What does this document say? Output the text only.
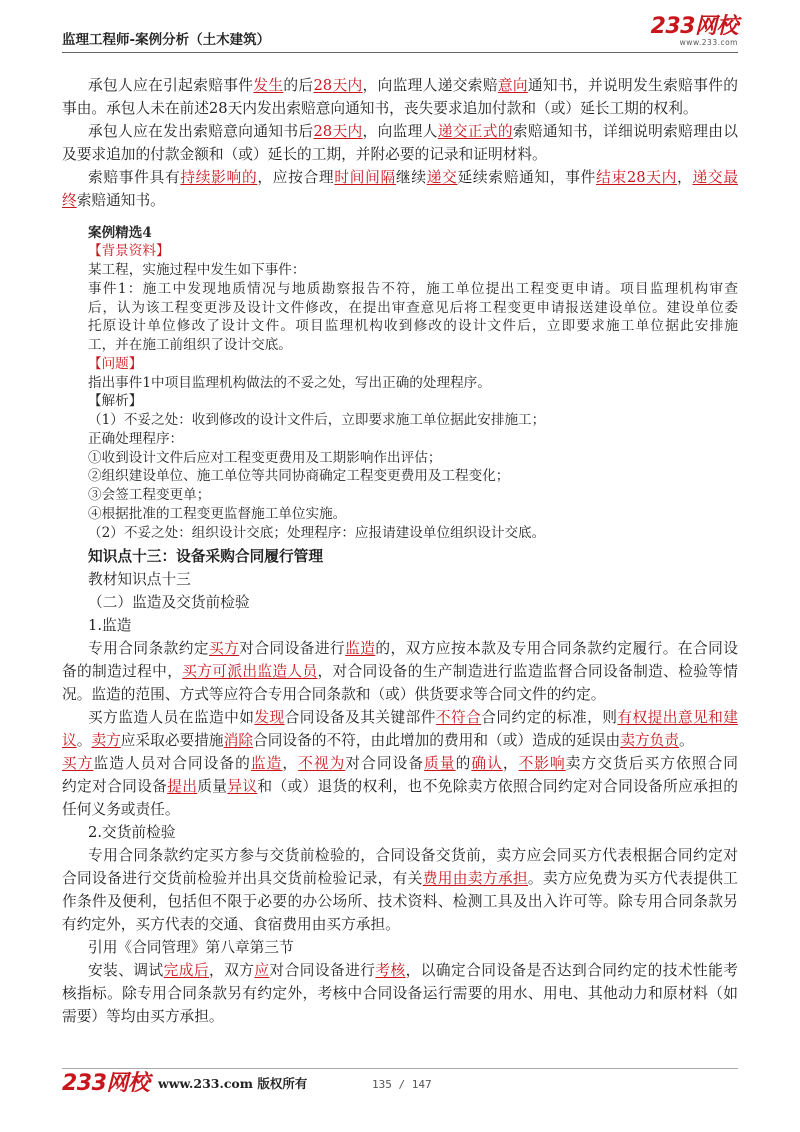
监理工程师-案例分析（土木建筑）
233网校
www.233.com
承包人应在引起索赔事件发生的后28天内，向监理人递交索赔意向通知书，并说明发生索赔事件的
事由。承包人未在前述28天内发出索赔意向通知书，丧失要求追加付款和（或）延长工期的权利。
承包人应在发出索赔意向通知书后28天内，向监理人递交正式的索赔通知书，详细说明索赔理由以
及要求追加的付款金额和（或）延长的工期，并附必要的记录和证明材料。
索赔事件具有持续影响的，应按合理时间间隔继续递交延续索赔通知，事件结束28天内，递交最
终索赔通知书。
案例精选4
【背景资料】
某工程，实施过程中发生如下事件：
事件1：施工中发现地质情况与地质勘察报告不符，施工单位提出工程变更申请。项目监理机构审查
后，认为该工程变更涉及设计文件修改，在提出审查意见后将工程变更申请报送建设单位。建设单位委
托原设计单位修改了设计文件。项目监理机构收到修改的设计文件后，立即要求施工单位据此安排施
工，并在施工前组织了设计交底。
【问题】
指出事件1中项目监理机构做法的不妥之处，写出正确的处理程序。
【解析】
（1）不妥之处：收到修改的设计文件后，立即要求施工单位据此安排施工；
正确处理程序：
①收到设计文件后应对工程变更费用及工期影响作出评估；
②组织建设单位、施工单位等共同协商确定工程变更费用及工程变化；
③会签工程变更单；
④根据批准的工程变更监督施工单位实施。
（2）不妥之处：组织设计交底；处理程序：应报请建设单位组织设计交底。
知识点十三：设备采购合同履行管理
教材知识点十三
（二）监造及交货前检验
1.监造
专用合同条款约定买方对合同设备进行监造的，双方应按本款及专用合同条款约定履行。在合同设
备的制造过程中，买方可派出监造人员，对合同设备的生产制造进行监造监督合同设备制造、检验等情
况。监造的范围、方式等应符合专用合同条款和（或）供货要求等合同文件的约定。
买方监造人员在监造中如发现合同设备及其关键部件不符合合同约定的标准，则有权提出意见和建
议。卖方应采取必要措施消除合同设备的不符，由此增加的费用和（或）造成的延误由卖方负责。
买方监造人员对合同设备的监造，不视为对合同设备质量的确认，不影响卖方交货后买方依照合同
约定对合同设备提出质量异议和（或）退货的权利，也不免除卖方依照合同约定对合同设备所应承担的
任何义务或责任。
2.交货前检验
专用合同条款约定买方参与交货前检验的，合同设备交货前，卖方应会同买方代表根据合同约定对
合同设备进行交货前检验并出具交货前检验记录，有关费用由卖方承担。卖方应免费为买方代表提供工
作条件及便利，包括但不限于必要的办公场所、技术资料、检测工具及出入许可等。除专用合同条款另
有约定外，买方代表的交通、食宿费用由买方承担。
引用《合同管理》第八章第三节
安装、调试完成后，双方应对合同设备进行考核，以确定合同设备是否达到合同约定的技术性能考
核指标。除专用合同条款另有约定外，考核中合同设备运行需要的用水、用电、其他动力和原材料（如
需要）等均由买方承担。
233网校 www.233.com 版权所有	135 / 147
